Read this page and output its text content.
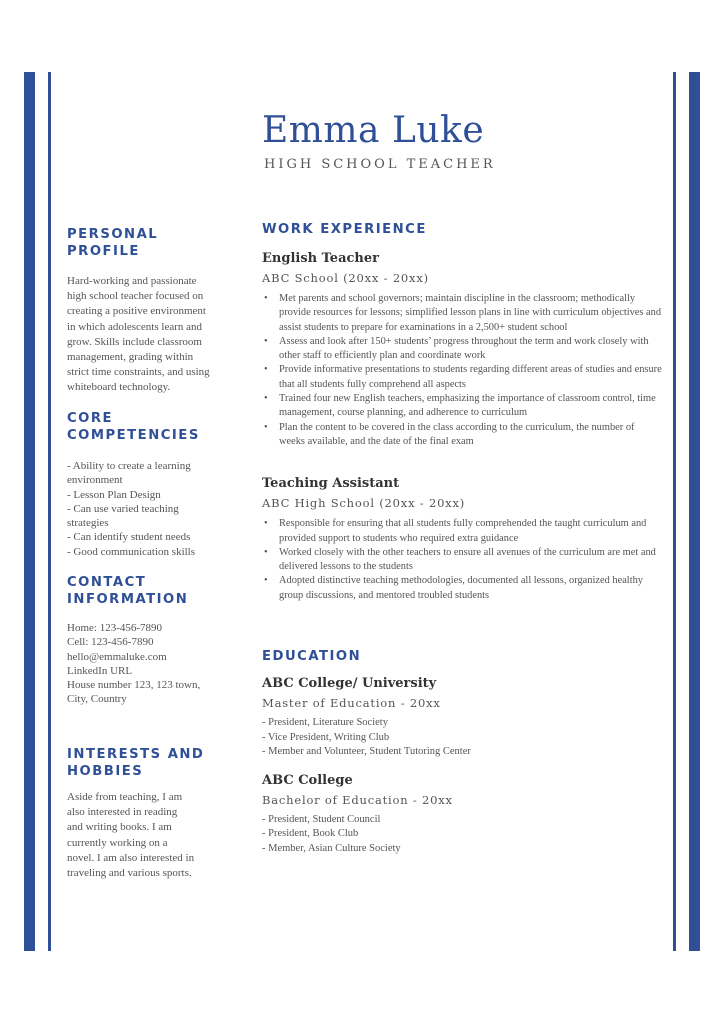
Emma Luke
HIGH SCHOOL TEACHER
PERSONAL PROFILE

Hard-working and passionate

high school teacher focused on

creating a positive environment

in which adolescents learn and

grow. Skills include classroom

management, grading within

strict time constraints, and using

whiteboard technology.

CORE COMPETENCIES
- Ability to create a learning
environment
- Lesson Plan Design
- Can use varied teaching
strategies
- Can identify student needs
- Good communication skills
CONTACT
INFORMATION
Home: 123-456-7890
Cell: 123-456-7890
hello@emmaluke.com
LinkedIn URL
House number 123, 123 town,
City, Country
INTERESTS AND
HOBBIES

Aside from teaching, I am

also interested in reading

and writing books. I am

currently working on a

novel. I am also interested in

traveling and various sports.

WORK EXPERIENCE
English Teacher
ABC School (20xx - 20xx)
• Met parents and school governors; maintain discipline in the classroom; methodically provide resources for lessons; simplified lesson plans in line with curriculum objectives and assist students to prepare for examinations in a 2,500+ student school
• Assess and look after 150+ students’ progress throughout the term and work closely with other staff to efficiently plan and coordinate work
• Provide informative presentations to students regarding different areas of studies and ensure that all students fully comprehend all aspects
• Trained four new English teachers, emphasizing the importance of classroom control, time management, course planning, and adherence to curriculum
• Plan the content to be covered in the class according to the curriculum, the number of weeks available, and the date of the final exam
Teaching Assistant
ABC High School (20xx - 20xx)
• Responsible for ensuring that all students fully comprehended the taught curriculum and provided support to students who required extra guidance
• Worked closely with the other teachers to ensure all avenues of the curriculum are met and delivered lessons to the students
• Adopted distinctive teaching methodologies, documented all lessons, organized healthy group discussions, and mentored troubled students
EDUCATION
ABC College/ University
Master of Education - 20xx
- President, Literature Society
- Vice President, Writing Club
- Member and Volunteer, Student Tutoring Center
ABC College
Bachelor of Education - 20xx
- President, Student Council
- President, Book Club
- Member, Asian Culture Society
